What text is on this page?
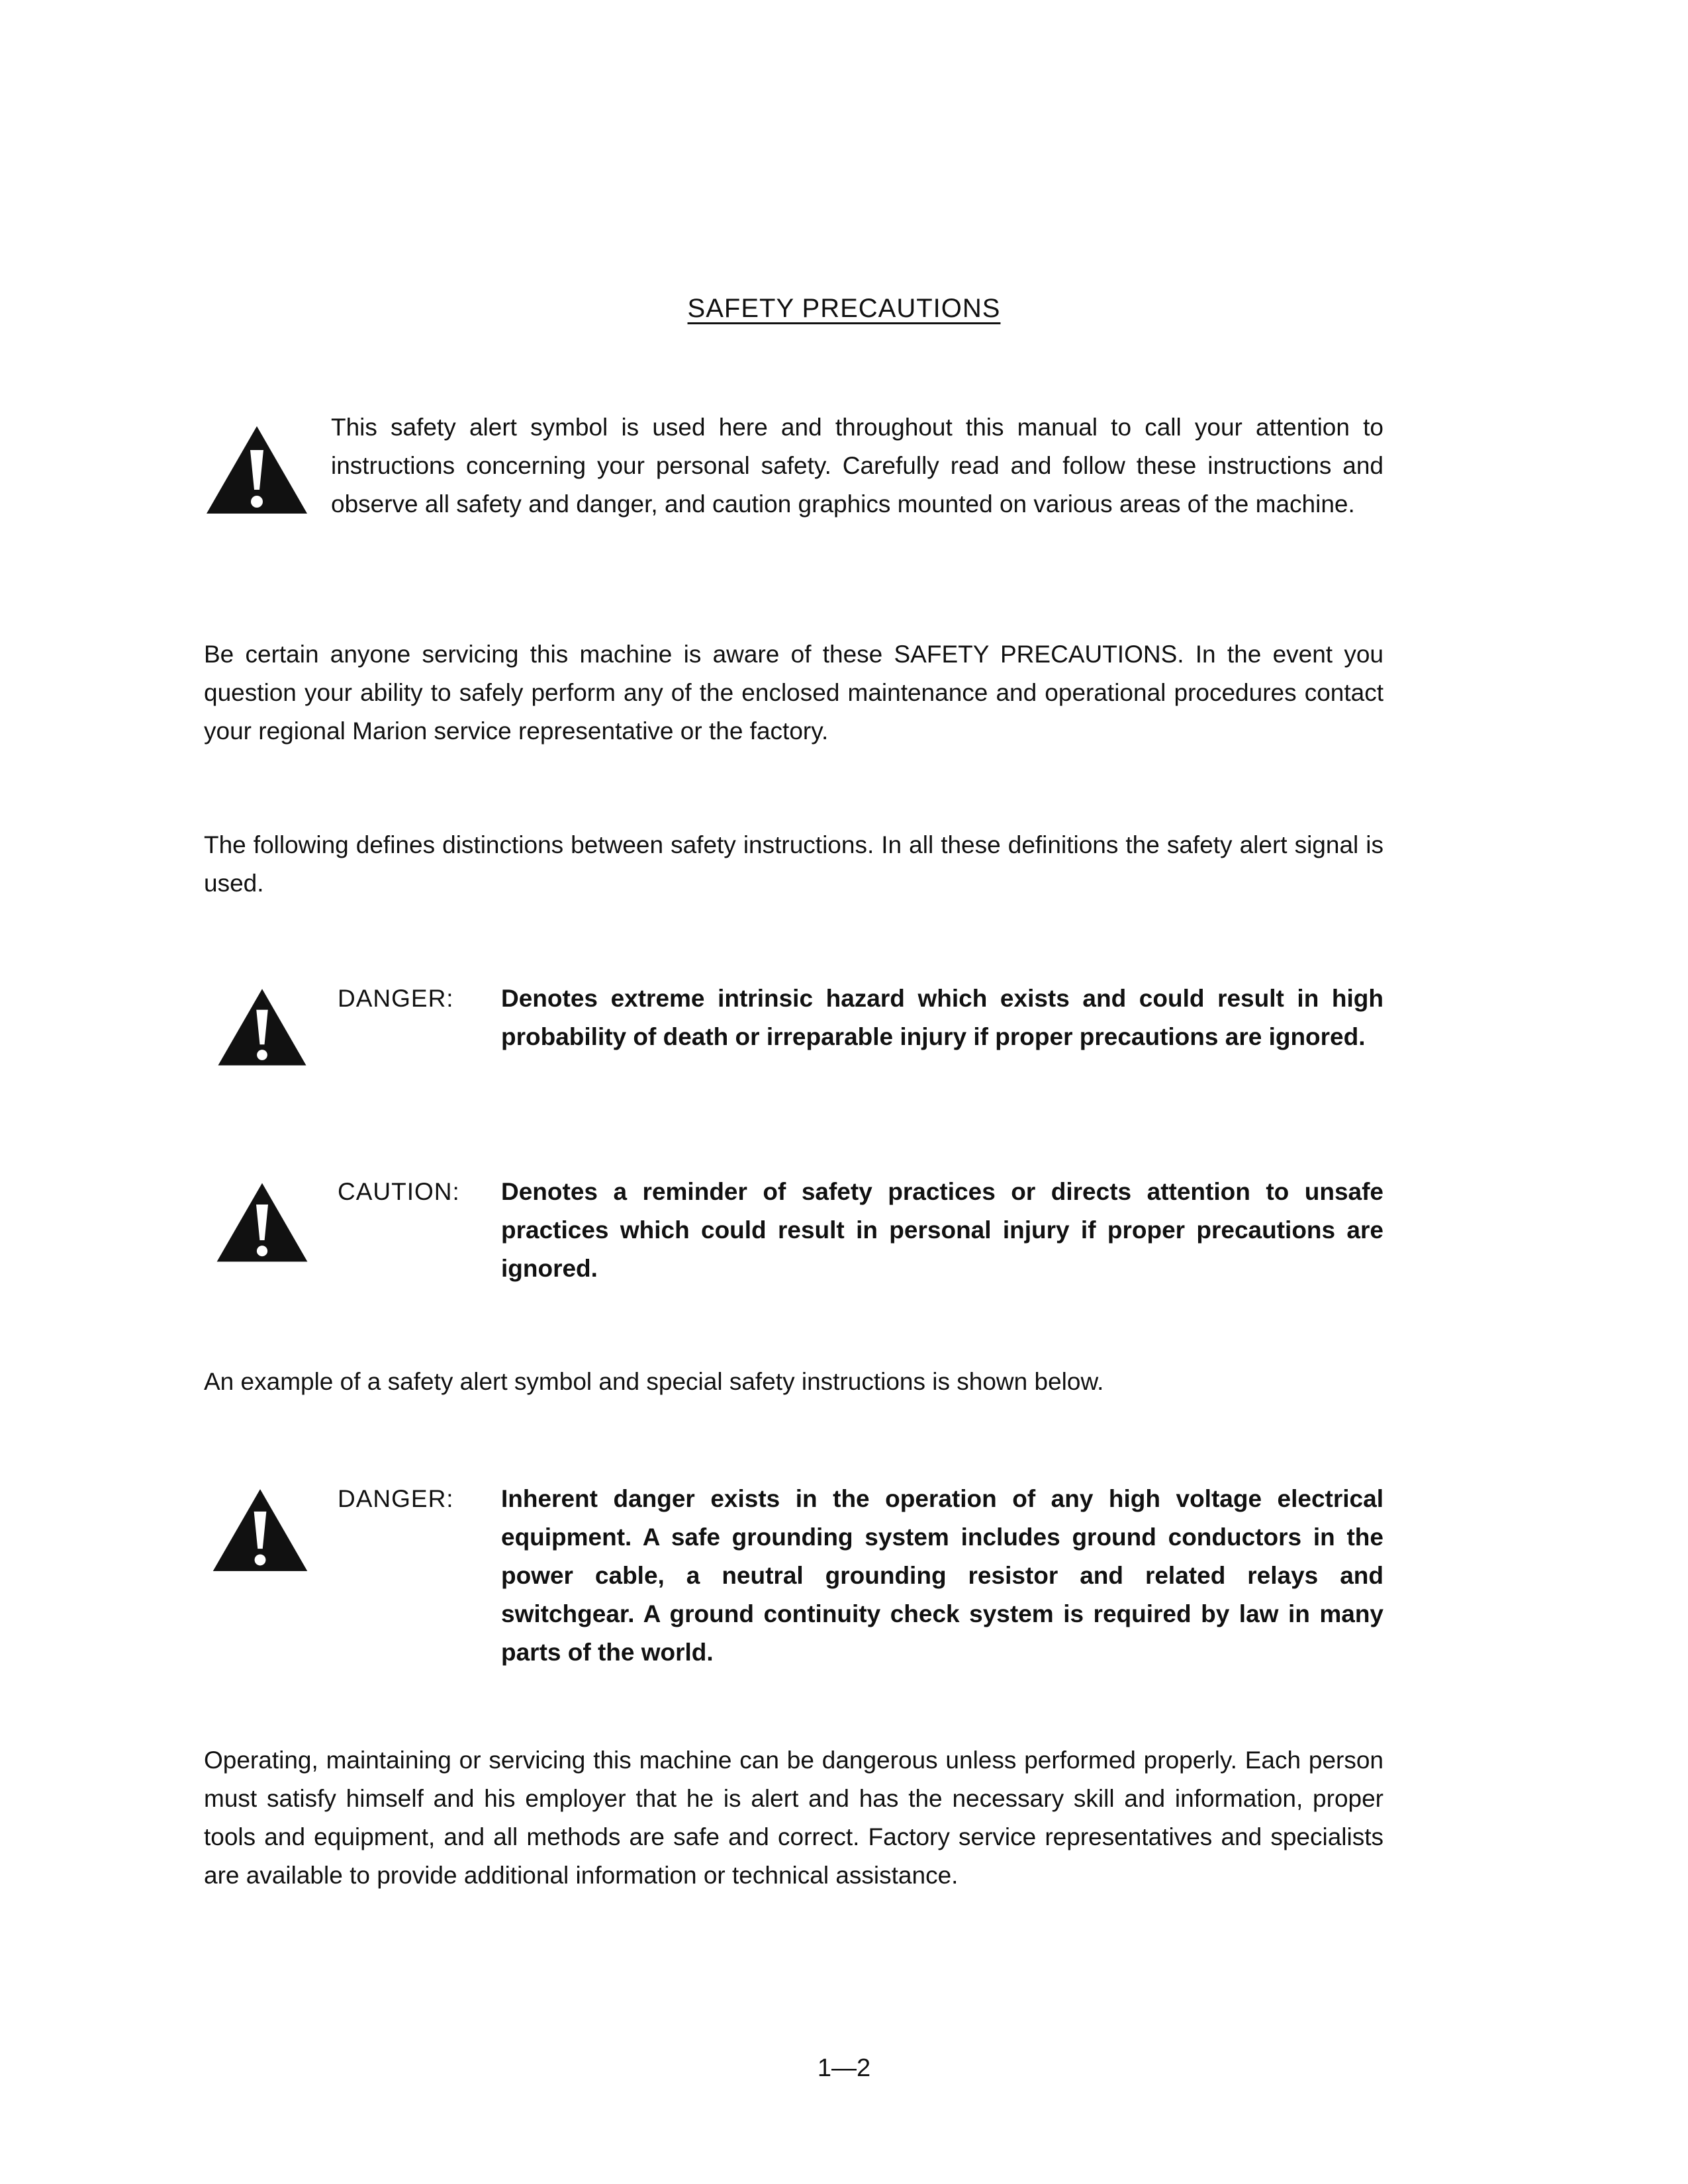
SAFETY PRECAUTIONS

This safety alert symbol is used here and throughout this manual to call your attention to instructions concerning your personal safety. Carefully read and follow these instructions and observe all safety and danger, and caution graphics mounted on various areas of the machine.

Be certain anyone servicing this machine is aware of these SAFETY PRECAUTIONS. In the event you question your ability to safely perform any of the enclosed maintenance and operational procedures contact your regional Marion service representative or the factory.

The following defines distinctions between safety instructions. In all these definitions the safety alert signal is used.

DANGER: Denotes extreme intrinsic hazard which exists and could result in high probability of death or irreparable injury if proper precautions are ignored.

CAUTION: Denotes a reminder of safety practices or directs attention to unsafe practices which could result in personal injury if proper precautions are ignored.

An example of a safety alert symbol and special safety instructions is shown below.

DANGER: Inherent danger exists in the operation of any high voltage electrical equipment. A safe grounding system includes ground conductors in the power cable, a neutral grounding resistor and related relays and switchgear. A ground continuity check system is required by law in many parts of the world.

Operating, maintaining or servicing this machine can be dangerous unless performed properly. Each person must satisfy himself and his employer that he is alert and has the necessary skill and information, proper tools and equipment, and all methods are safe and correct. Factory service representatives and specialists are available to provide additional information or technical assistance.

1—2
